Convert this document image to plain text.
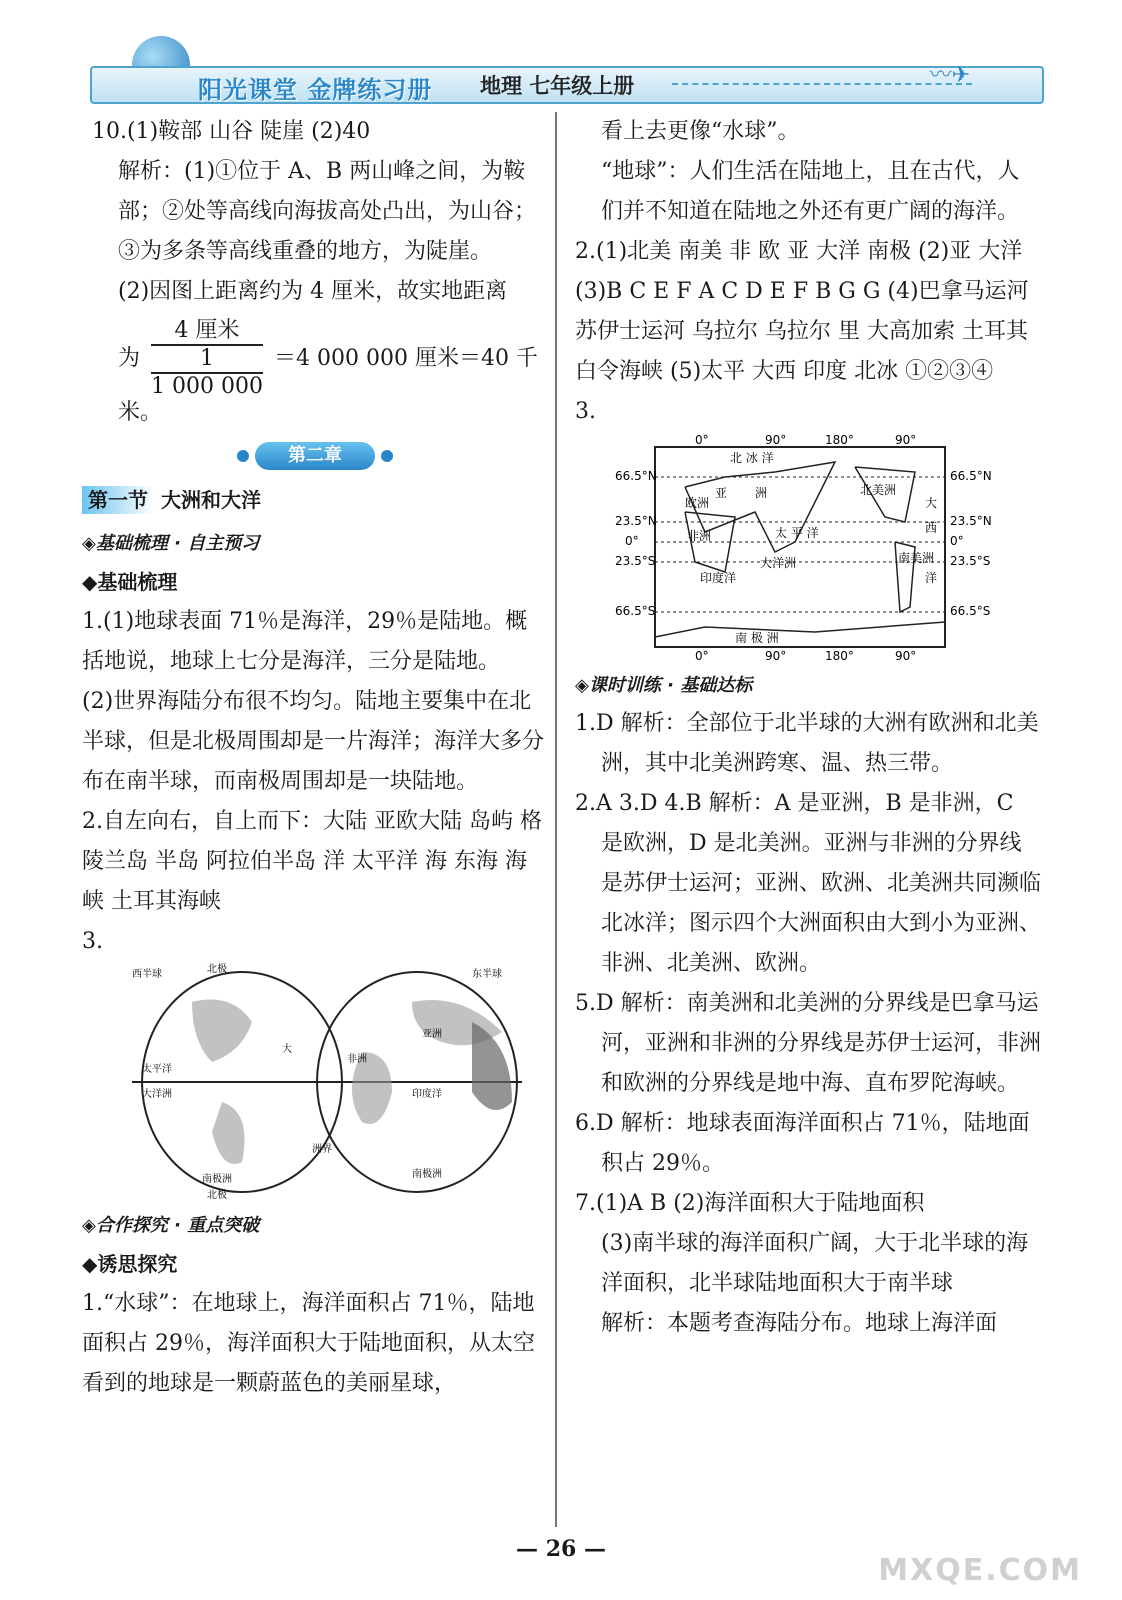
阳光课堂 金牌练习册 地理 七年级上册	〰✈

10.(1)鞍部 山谷 陡崖 (2)40

解析：(1)①位于 A、B 两山峰之间，为鞍部；②处等高线向海拔高处凸出，为山谷；③为多条等高线重叠的地方，为陡崖。

(2)因图上距离约为 4 厘米，故实地距离

为 4 厘米
1
1 000 000 ＝4 000 000 厘米＝40 千米。
第二章
第一节 大洲和大洋
◈基础梳理 · 自主预习
◆基础梳理

1.(1)地球表面 71％是海洋，29％是陆地。概括地说，地球上七分是海洋，三分是陆地。

(2)世界海陆分布很不均匀。陆地主要集中在北半球，但是北极周围却是一片海洋；海洋大多分布在南半球，而南极周围却是一块陆地。

2.自左向右，自上而下：大陆 亚欧大陆 岛屿 格陵兰岛 半岛 阿拉伯半岛 洋 太平洋 海 东海 海峡 土耳其海峡

3.

西半球	东半球
北极
太平洋
大洋洲
大
亚洲
非洲
印度洋
南极洲	南极洲
洲界
北极
◈合作探究 · 重点突破
◆诱思探究

1.“水球”：在地球上，海洋面积占 71％，陆地面积占 29％，海洋面积大于陆地面积，从太空看到的地球是一颗蔚蓝色的美丽星球，

看上去更像“水球”。

“地球”：人们生活在陆地上，且在古代，人们并不知道在陆地之外还有更广阔的海洋。

2.(1)北美 南美 非 欧 亚 大洋 南极 (2)亚 大洋 (3)B C E F A C D E F B G G (4)巴拿马运河 苏伊士运河 乌拉尔 乌拉尔 里 大高加索 土耳其 白令海峡 (5)太平 大西 印度 北冰 ①②③④

3.

北 冰 洋
亚 洲
欧洲
非洲	太 平 洋
印度洋
大洋洲
北美洲
大
西
洋
南美洲
南 极 洲
66.5°N
23.5°N
0°
23.5°S
66.5°S
66.5°N
23.5°N
0°
23.5°S
66.5°S
0°	90°	180°	90°
0°	90°	180°	90°
◈课时训练 · 基础达标

1.D 解析：全部位于北半球的大洲有欧洲和北美洲，其中北美洲跨寒、温、热三带。

2.A 3.D 4.B 解析：A 是亚洲，B 是非洲，C 是欧洲，D 是北美洲。亚洲与非洲的分界线是苏伊士运河；亚洲、欧洲、北美洲共同濒临北冰洋；图示四个大洲面积由大到小为亚洲、非洲、北美洲、欧洲。

5.D 解析：南美洲和北美洲的分界线是巴拿马运河，亚洲和非洲的分界线是苏伊士运河，非洲和欧洲的分界线是地中海、直布罗陀海峡。

6.D 解析：地球表面海洋面积占 71％，陆地面积占 29％。

7.(1)A B (2)海洋面积大于陆地面积

(3)南半球的海洋面积广阔，大于北半球的海洋面积，北半球陆地面积大于南半球

解析：本题考查海陆分布。地球上海洋面

— 26 —
MXQE.COM
